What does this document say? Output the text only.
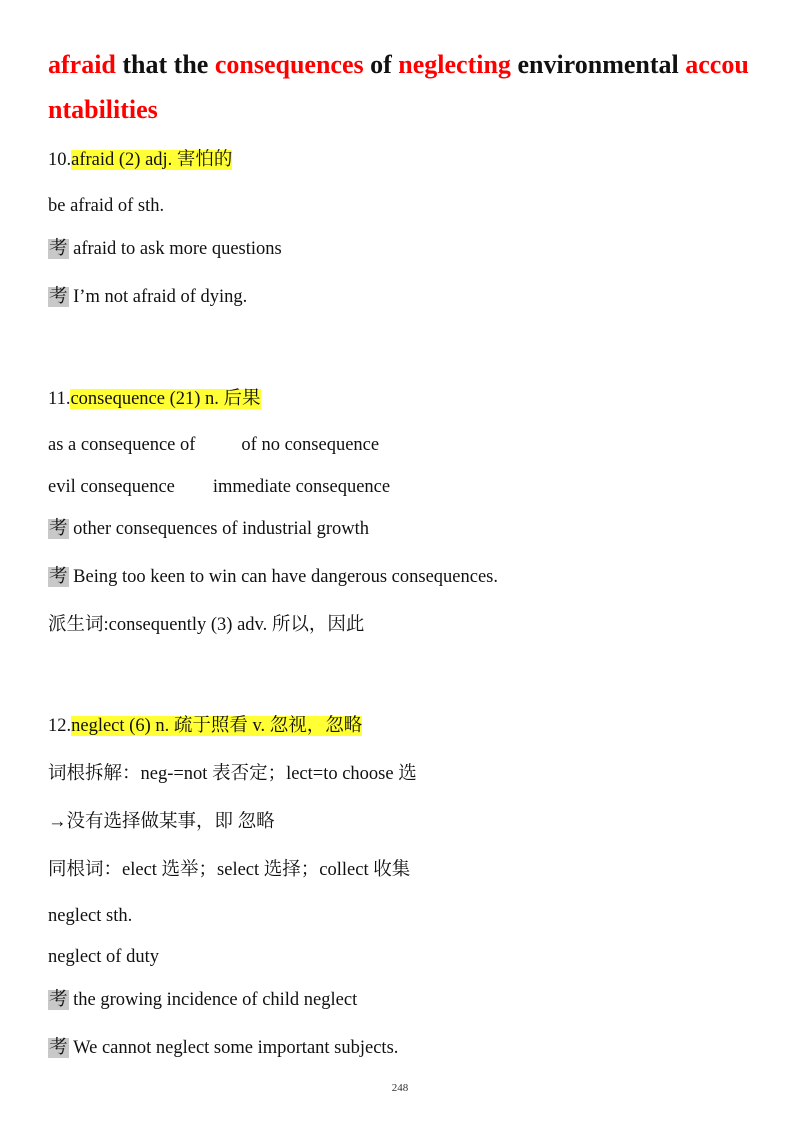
afraid that the consequences of neglecting environmental accountabilities
10.afraid (2) adj. 害怕的
be afraid of sth.
考 afraid to ask more questions
考 I’m not afraid of dying.
11.consequence (21) n. 后果
as a consequence of of no consequence
evil consequence immediate consequence
考 other consequences of industrial growth
考 Being too keen to win can have dangerous consequences.
派生词:consequently (3) adv. 所以，因此
12.neglect (6) n. 疏于照看 v. 忽视，忽略
词根拆解：neg-=not 表否定；lect=to choose 选
→没有选择做某事，即 忽略
同根词：elect 选举；select 选择；collect 收集
neglect sth.
neglect of duty
考 the growing incidence of child neglect
考 We cannot neglect some important subjects.
248
